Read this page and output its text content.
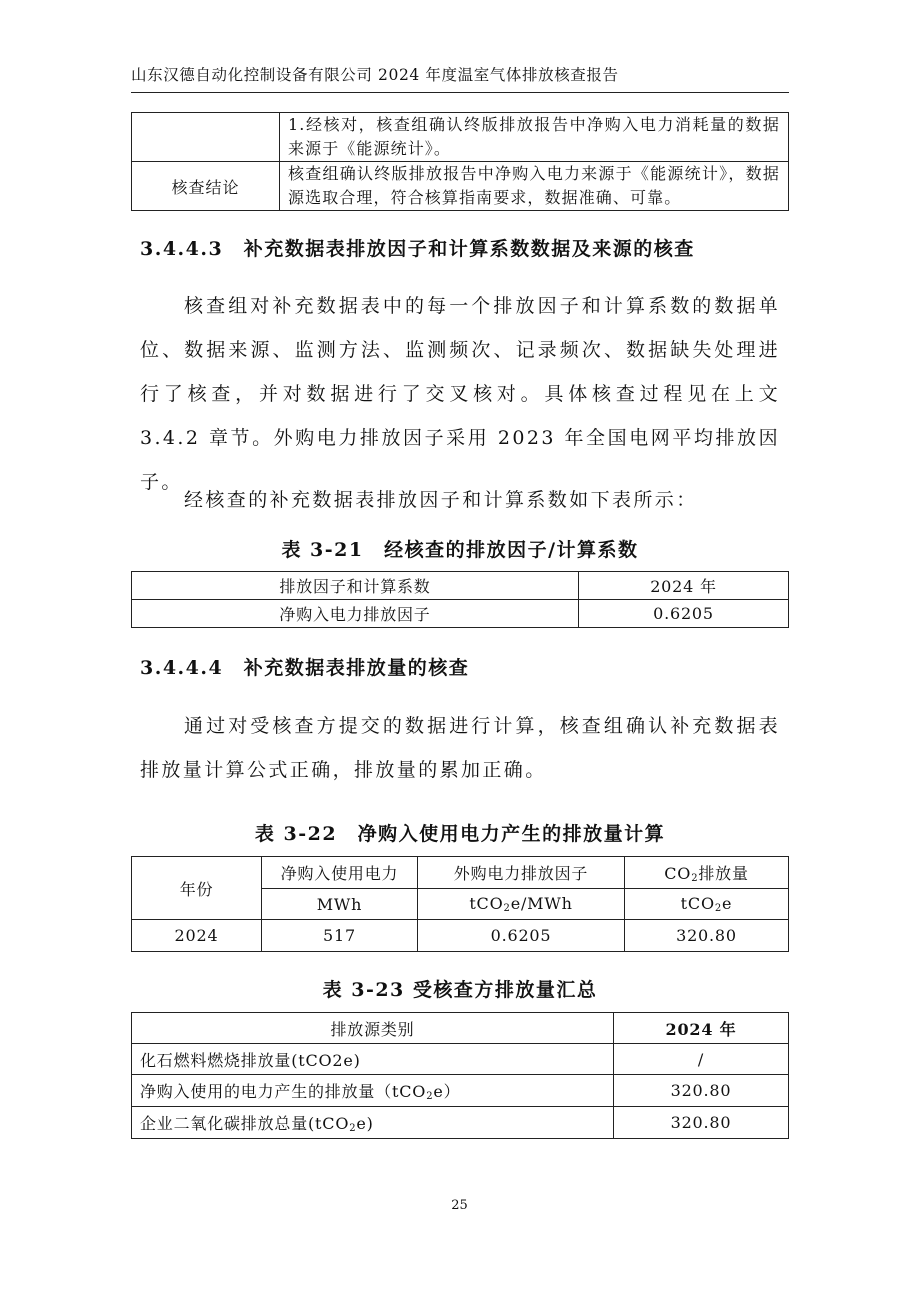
山东汉德自动化控制设备有限公司 2024 年度温室气体排放核查报告
	1.经核对，核查组确认终版排放报告中净购入电力消耗量的数据来源于《能源统计》。
核查结论	核查组确认终版排放报告中净购入电力来源于《能源统计》，数据源选取合理，符合核算指南要求，数据准确、可靠。
3.4.4.3　补充数据表排放因子和计算系数数据及来源的核查
核查组对补充数据表中的每一个排放因子和计算系数的数据单位、数据来源、监测方法、监测频次、记录频次、数据缺失处理进行了核查，并对数据进行了交叉核对。具体核查过程见在上文 3.4.2 章节。外购电力排放因子采用 2023 年全国电网平均排放因子。
经核查的补充数据表排放因子和计算系数如下表所示：
表 3-21　经核查的排放因子/计算系数
排放因子和计算系数	2024 年
净购入电力排放因子	0.6205
3.4.4.4　补充数据表排放量的核查
通过对受核查方提交的数据进行计算，核查组确认补充数据表排放量计算公式正确，排放量的累加正确。
表 3-22　净购入使用电力产生的排放量计算
年份	净购入使用电力	外购电力排放因子	$CO_2$排放量
	MWh	tCO$_2$e/MWh	tCO$_2$e
2024	517	0.6205	320.80
表 3-23 受核查方排放量汇总
排放源类别	2024 年
化石燃料燃烧排放量(tCO2e)	/
净购入使用的电力产生的排放量（tCO$_2$e）	320.80
企业二氧化碳排放总量(tCO$_2$e)	320.80
25
